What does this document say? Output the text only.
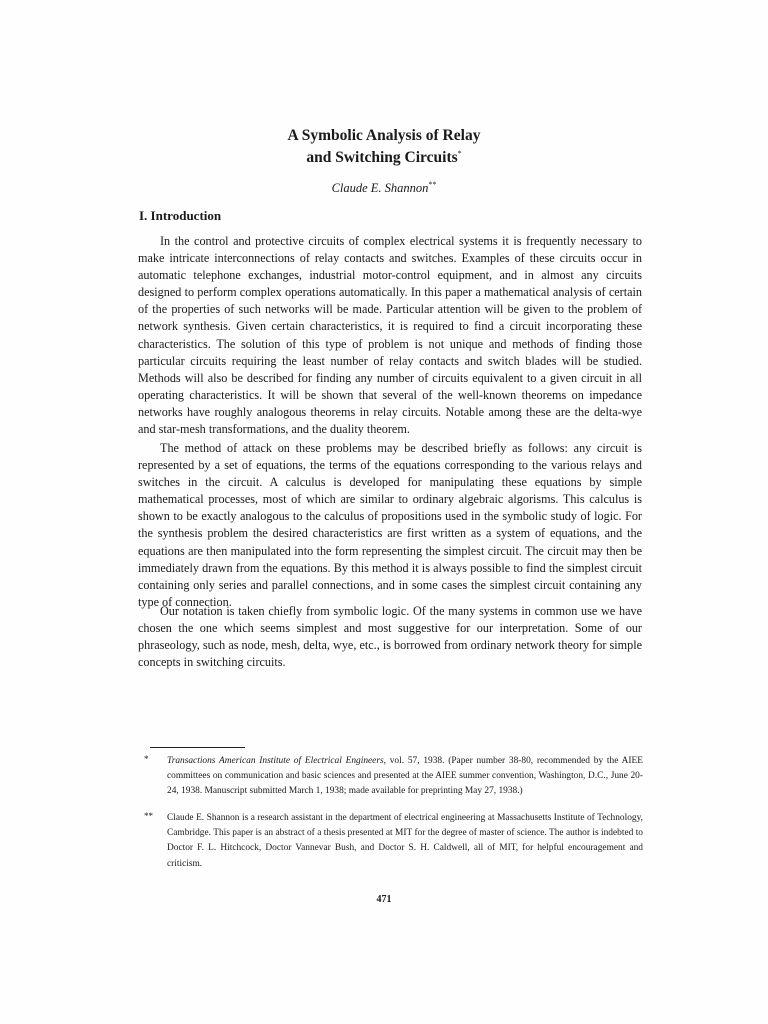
A Symbolic Analysis of Relay
and Switching Circuits*
Claude E. Shannon**
I. Introduction

In the control and protective circuits of complex electrical systems it is frequently necessary to make intricate interconnections of relay contacts and switches. Examples of these circuits occur in automatic telephone exchanges, industrial motor-control equipment, and in almost any circuits designed to perform complex operations automatically. In this paper a mathematical analysis of certain of the properties of such networks will be made. Particular attention will be given to the problem of network synthesis. Given certain characteristics, it is required to find a circuit incorporating these characteristics. The solution of this type of problem is not unique and methods of finding those particular circuits requiring the least number of relay contacts and switch blades will be studied. Methods will also be described for finding any number of circuits equivalent to a given circuit in all operating characteristics. It will be shown that several of the well-known theorems on impedance networks have roughly analogous theorems in relay circuits. Notable among these are the delta-wye and star-mesh transformations, and the duality theorem.

The method of attack on these problems may be described briefly as follows: any circuit is represented by a set of equations, the terms of the equations corresponding to the various relays and switches in the circuit. A calculus is developed for manipulating these equations by simple mathematical processes, most of which are similar to ordinary algebraic algorisms. This calculus is shown to be exactly analogous to the calculus of propositions used in the symbolic study of logic. For the synthesis problem the desired characteristics are first written as a system of equations, and the equations are then manipulated into the form representing the simplest circuit. The circuit may then be immediately drawn from the equations. By this method it is always possible to find the simplest circuit containing only series and parallel connections, and in some cases the simplest circuit containing any type of connection.

Our notation is taken chiefly from symbolic logic. Of the many systems in common use we have chosen the one which seems simplest and most suggestive for our interpretation. Some of our phraseology, such as node, mesh, delta, wye, etc., is borrowed from ordinary network theory for simple concepts in switching circuits.

* Transactions American Institute of Electrical Engineers, vol. 57, 1938. (Paper number 38-80, recommended by the AIEE committees on communication and basic sciences and presented at the AIEE summer convention, Washington, D.C., June 20-24, 1938. Manuscript submitted March 1, 1938; made available for preprinting May 27, 1938.)
** Claude E. Shannon is a research assistant in the department of electrical engineering at Massachusetts Institute of Technology, Cambridge. This paper is an abstract of a thesis presented at MIT for the degree of master of science. The author is indebted to Doctor F. L. Hitchcock, Doctor Vannevar Bush, and Doctor S. H. Caldwell, all of MIT, for helpful encouragement and criticism.
471
